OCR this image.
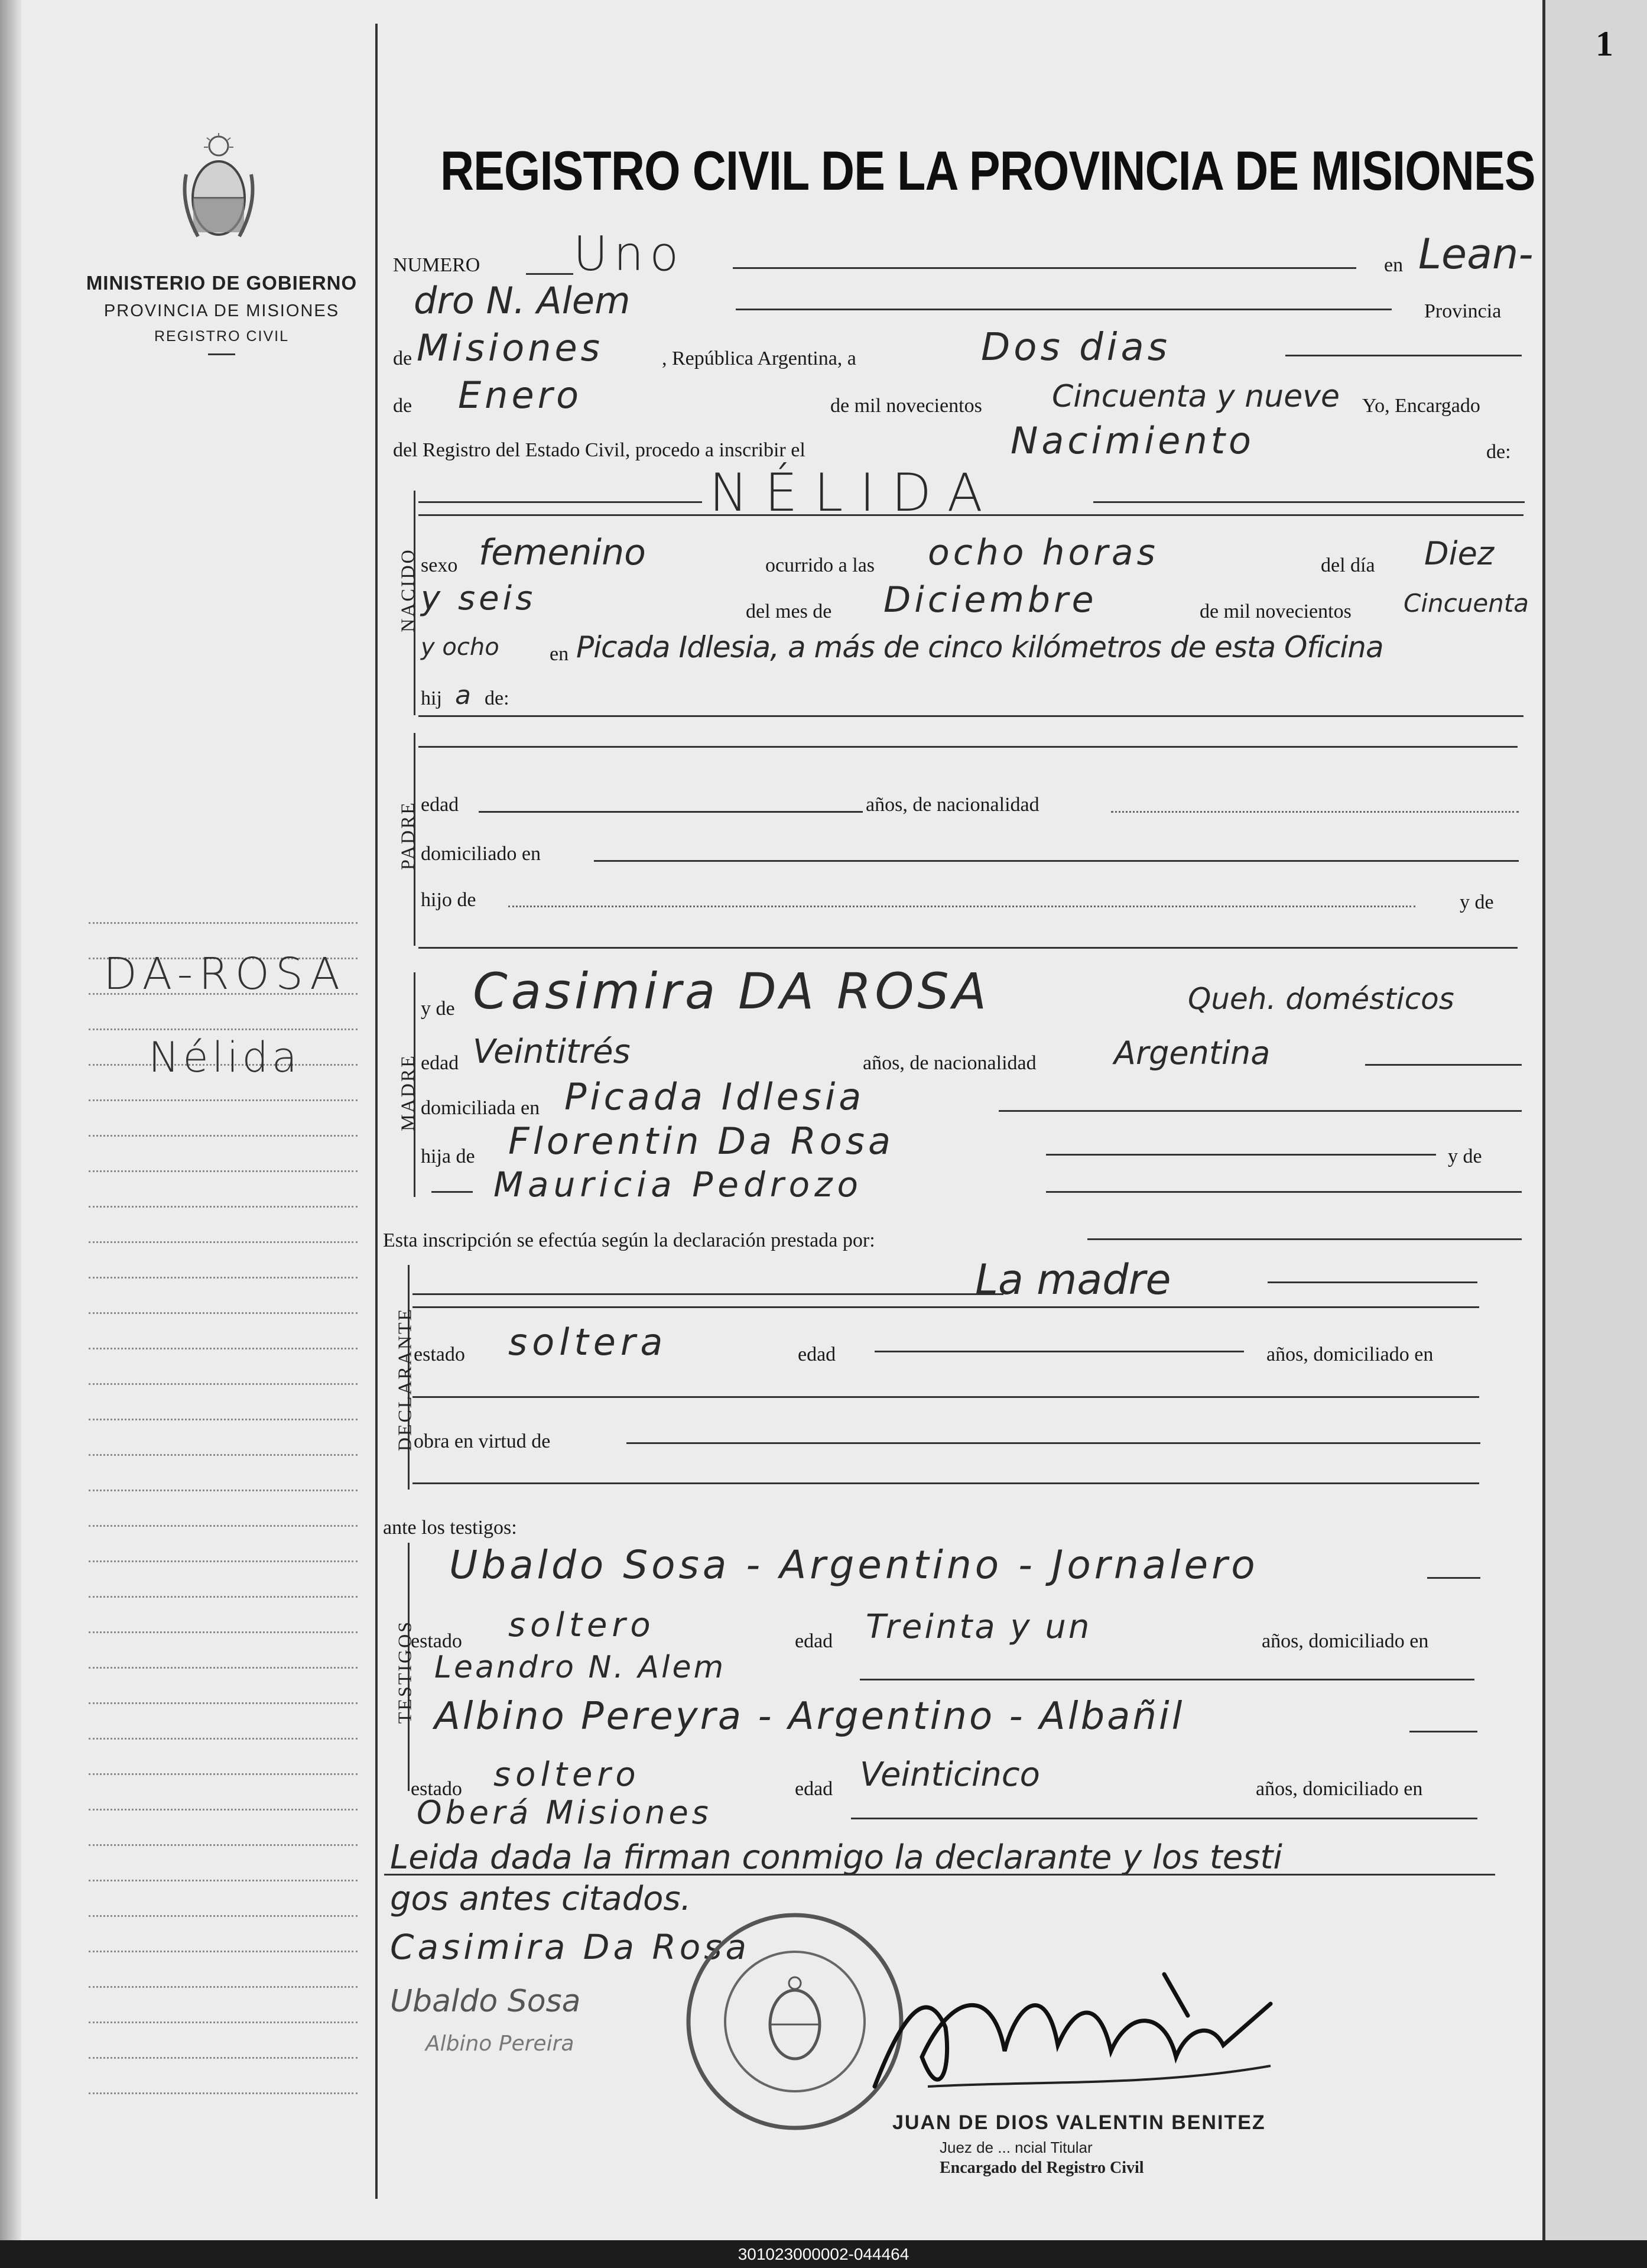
1
MINISTERIO DE GOBIERNO
PROVINCIA DE MISIONES
REGISTRO CIVIL
DA-ROSA
Nélida
REGISTRO CIVIL DE LA PROVINCIA DE MISIONES
NUMERO Uno	en Lean-
dro N. Alem	Provincia
de Misiones	, República Argentina, a	Dos dias
de Enero	de mil novecientos Cincuenta y nueve Yo, Encargado
del Registro del Estado Civil, procedo a inscribir el	Nacimiento	de:
NACIDO
NÉLIDA
sexo femenino	ocurrido a las ocho horas	del día Diez
y seis	del mes de Diciembre	de mil novecientos Cincuenta
y ocho	en Picada Idlesia, a más de cinco kilómetros de esta Oficina
hij a de:
PADRE edad	años, de nacionalidad
domiciliado en
hijo de	y de
MADRE
y de Casimira DA ROSA	Queh. domésticos
edad Veintitrés	años, de nacionalidad Argentina
domiciliada en Picada Idlesia
hija de Florentin Da Rosa	y de
Mauricia Pedrozo
Esta inscripción se efectúa según la declaración prestada por:
DECLARANTE
La madre
estado soltera	edad	años, domiciliado en
obra en virtud de
ante los testigos:
TESTIGOS
Ubaldo Sosa - Argentino - Jornalero
estado soltero	edad Treinta y un	años, domiciliado en
Leandro N. Alem
Albino Pereyra - Argentino - Albañil
estado soltero	edad Veinticinco	años, domiciliado en
Oberá Misiones
Leida dada la firman conmigo la declarante y los testi
gos antes citados.
Casimira Da Rosa
Ubaldo Sosa
Albino Pereira
JUAN DE DIOS VALENTIN BENITEZ
Juez de ... ncial Titular
Encargado del Registro Civil
301023000002-044464
